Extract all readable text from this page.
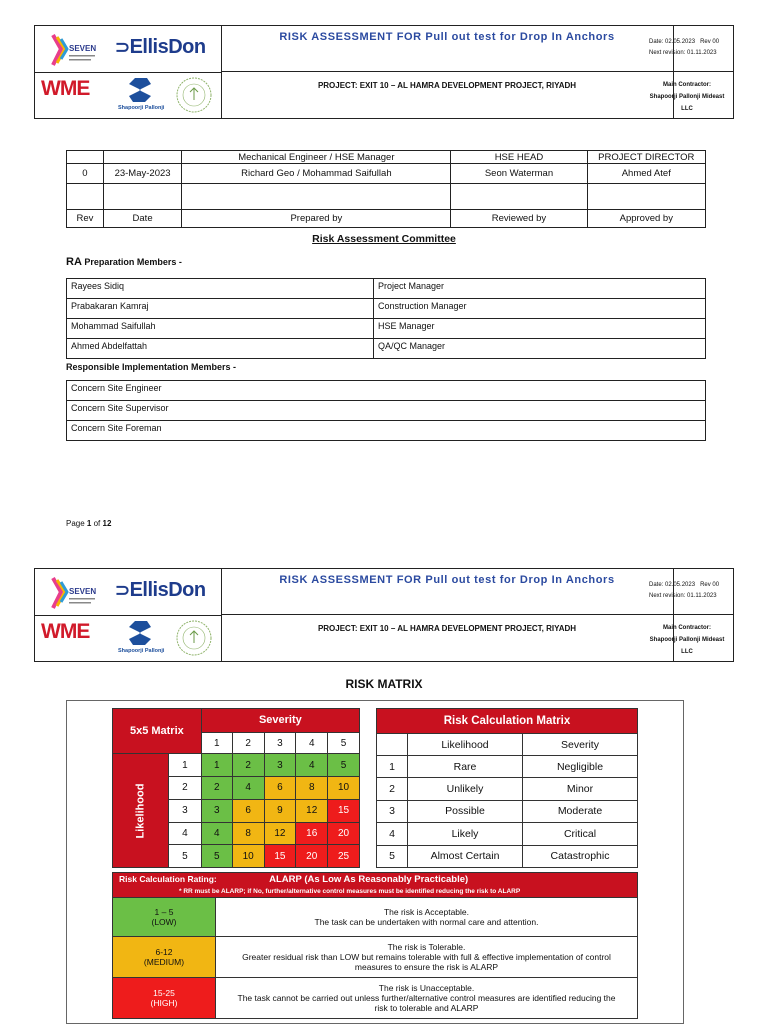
SEVEN ⊃EllisDon
WME
Shapoorji Pallonji
RISK ASSESSMENT FOR Pull out test for Drop In Anchors
PROJECT: EXIT 10 – AL HAMRA DEVELOPMENT PROJECT, RIYADH
Date: 02.05.2023 Rev 00
Next revision: 01.11.2023
Main Contractor:
Shapoorji Pallonji Mideast
LLC
		Mechanical Engineer / HSE Manager	HSE HEAD	PROJECT DIRECTOR
0	23-May-2023	Richard Geo / Mohammad Saifullah	Seon Waterman	Ahmed Atef

Rev	Date	Prepared by	Reviewed by	Approved by
Risk Assessment Committee
RA Preparation Members -
Rayees Sidiq	Project Manager
Prabakaran Kamraj	Construction Manager
Mohammad Saifullah	HSE Manager
Ahmed Abdelfattah	QA/QC Manager
Responsible Implementation Members -
Concern Site Engineer
Concern Site Supervisor
Concern Site Foreman
Page 1 of 12
SEVEN ⊃EllisDon
WME
Shapoorji Pallonji
RISK ASSESSMENT FOR Pull out test for Drop In Anchors
PROJECT: EXIT 10 – AL HAMRA DEVELOPMENT PROJECT, RIYADH
Date: 02.05.2023 Rev 00
Next revision: 01.11.2023
Main Contractor:
Shapoorji Pallonji Mideast
LLC
RISK MATRIX
5x5 Matrix		Severity				
		1	2	3	4	5

Likelihood	1	1	2	3	4	5
	2	2	4	6	8	10
	3	3	6	9	12	15
	4	4	8	12	16	20
	5	5	10	15	20	25
Risk Calculation Matrix		
	Likelihood	Severity
1	Rare	Negligible
2	Unlikely	Minor
3	Possible	Moderate
4	Likely	Critical
5	Almost Certain	Catastrophic
Risk Calculation Rating: ALARP (As Low As Reasonably Practicable)
* RR must be ALARP; if No, further/alternative control measures must be identified reducing the risk to ALARP	
1 – 5
(LOW)	The risk is Acceptable.
The task can be undertaken with normal care and attention.
6-12
(MEDIUM)	The risk is Tolerable.
Greater residual risk than LOW but remains tolerable with full & effective implementation of control
measures to ensure the risk is ALARP
15-25
(HIGH)	The risk is Unacceptable.
The task cannot be carried out unless further/alternative control measures are identified reducing the
risk to tolerable and ALARP
